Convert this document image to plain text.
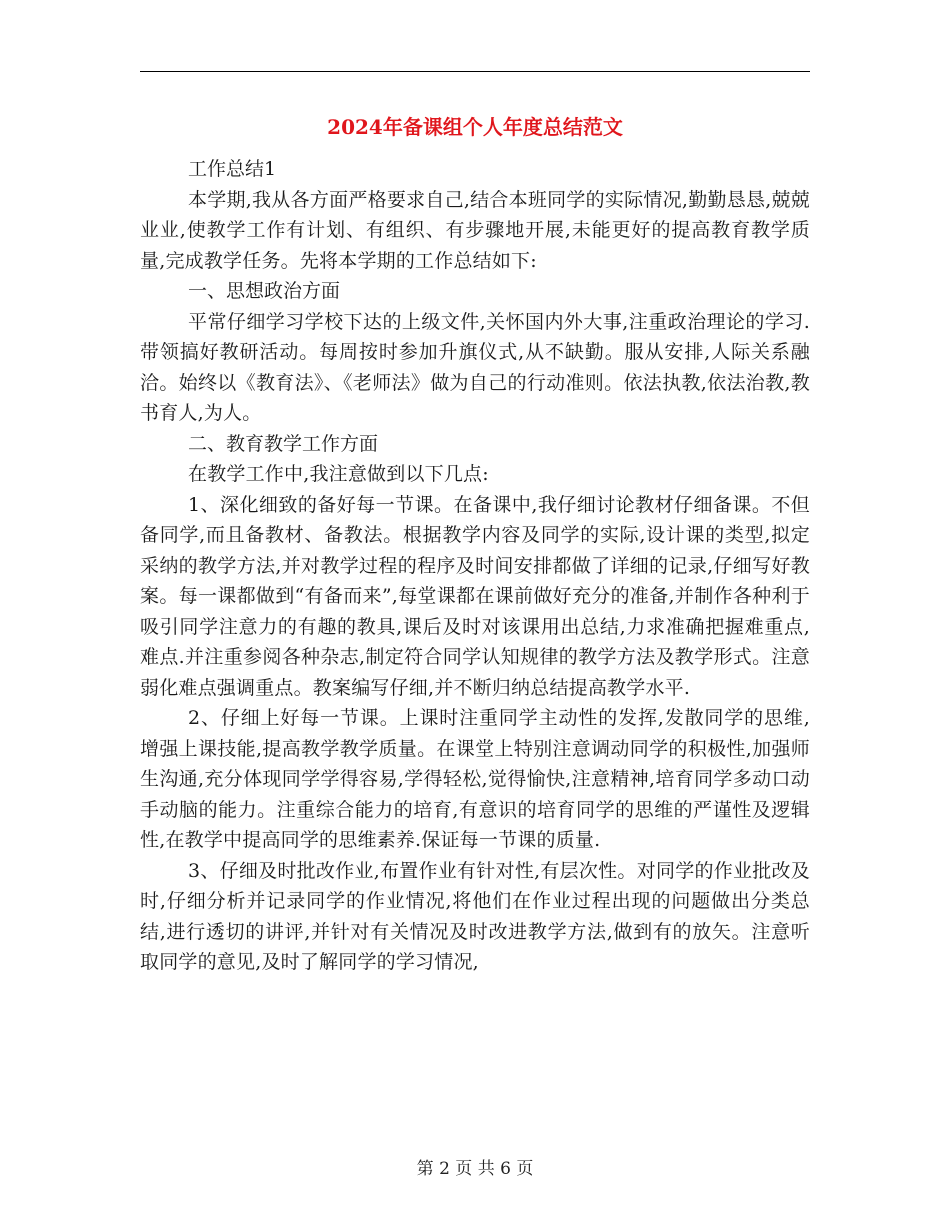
2024年备课组个人年度总结范文

工作总结1

本学期,我从各方面严格要求自己,结合本班同学的实际情况,勤勤恳恳,兢兢业业,使教学工作有计划、有组织、有步骤地开展,未能更好的提高教育教学质量,完成教学任务。先将本学期的工作总结如下:

一、思想政治方面

平常仔细学习学校下达的上级文件,关怀国内外大事,注重政治理论的学习.带领搞好教研活动。每周按时参加升旗仪式,从不缺勤。服从安排,人际关系融洽。始终以《教育法》、《老师法》做为自己的行动准则。依法执教,依法治教,教书育人,为人。

二、教育教学工作方面

在教学工作中,我注意做到以下几点:

1、深化细致的备好每一节课。在备课中,我仔细讨论教材仔细备课。不但备同学,而且备教材、备教法。根据教学内容及同学的实际,设计课的类型,拟定采纳的教学方法,并对教学过程的程序及时间安排都做了详细的记录,仔细写好教案。每一课都做到“有备而来”,每堂课都在课前做好充分的准备,并制作各种利于吸引同学注意力的有趣的教具,课后及时对该课用出总结,力求准确把握难重点,难点.并注重参阅各种杂志,制定符合同学认知规律的教学方法及教学形式。注意弱化难点强调重点。教案编写仔细,并不断归纳总结提高教学水平.

2、仔细上好每一节课。上课时注重同学主动性的发挥,发散同学的思维, 增强上课技能,提高教学教学质量。在课堂上特别注意调动同学的积极性,加强师生沟通,充分体现同学学得容易,学得轻松,觉得愉快,注意精神,培育同学多动口动手动脑的能力。注重综合能力的培育,有意识的培育同学的思维的严谨性及逻辑性,在教学中提高同学的思维素养.保证每一节课的质量.

3、仔细及时批改作业,布置作业有针对性,有层次性。对同学的作业批改及时,仔细分析并记录同学的作业情况,将他们在作业过程出现的问题做出分类总结,进行透切的讲评,并针对有关情况及时改进教学方法,做到有的放矢。注意听取同学的意见,及时了解同学的学习情况,

第 2 页 共 6 页
